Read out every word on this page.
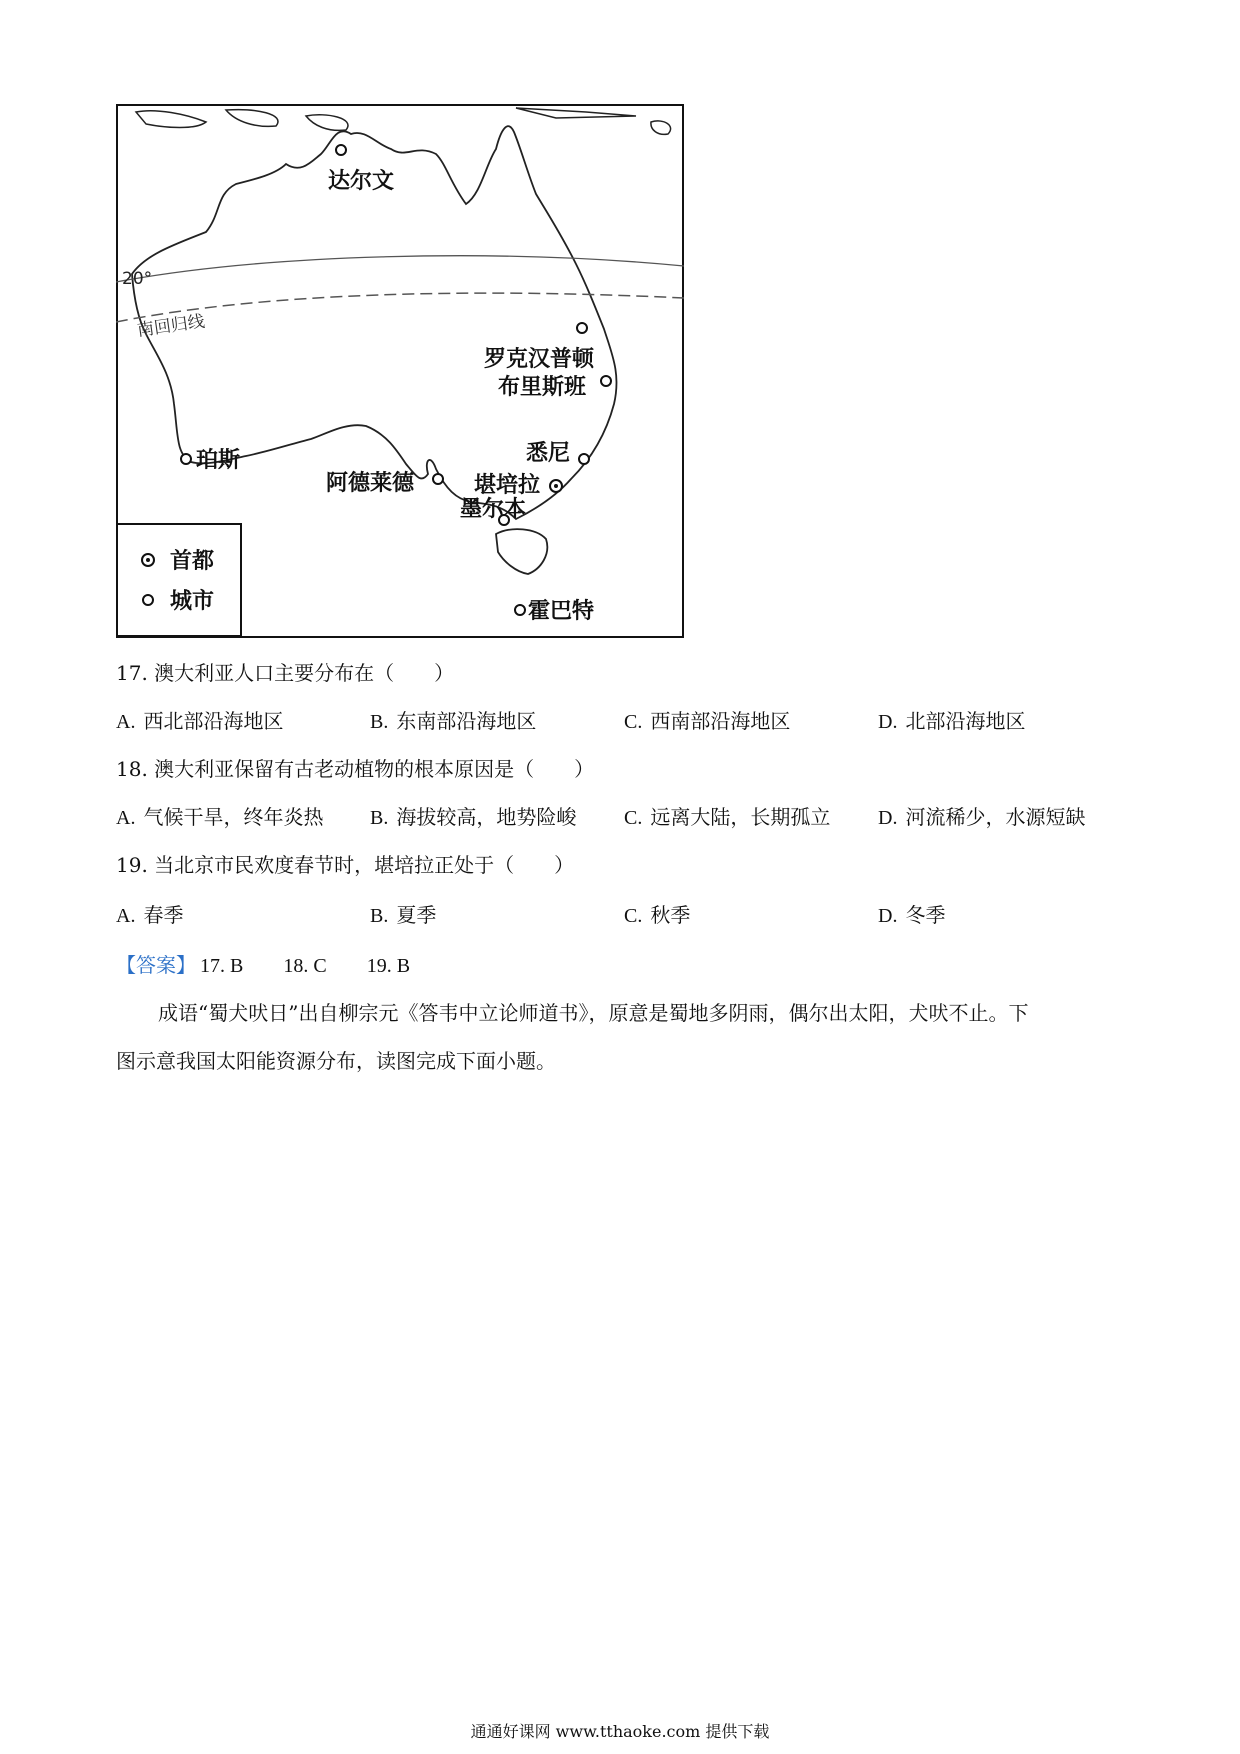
20°
南回归线
达尔文
罗克汉普顿
布里斯班
悉尼
堪培拉
墨尔本
阿德莱德
珀斯
霍巴特
首都
城市
17. 澳大利亚人口主要分布在（　　）
A. 西北部沿海地区	B. 东南部沿海地区	C. 西南部沿海地区	D. 北部沿海地区
18. 澳大利亚保留有古老动植物的根本原因是（　　）
A. 气候干旱，终年炎热 B. 海拔较高，地势险峻 C. 远离大陆，长期孤立 D. 河流稀少，水源短缺
19. 当北京市民欢度春节时，堪培拉正处于（　　）
A. 春季	B. 夏季	C. 秋季	D. 冬季
【答案】 17. B 18. C 19. B
成语“蜀犬吠日”出自柳宗元《答韦中立论师道书》，原意是蜀地多阴雨，偶尔出太阳，犬吠不止。下
图示意我国太阳能资源分布，读图完成下面小题。
通通好课网 www.tthaoke.com 提供下载
